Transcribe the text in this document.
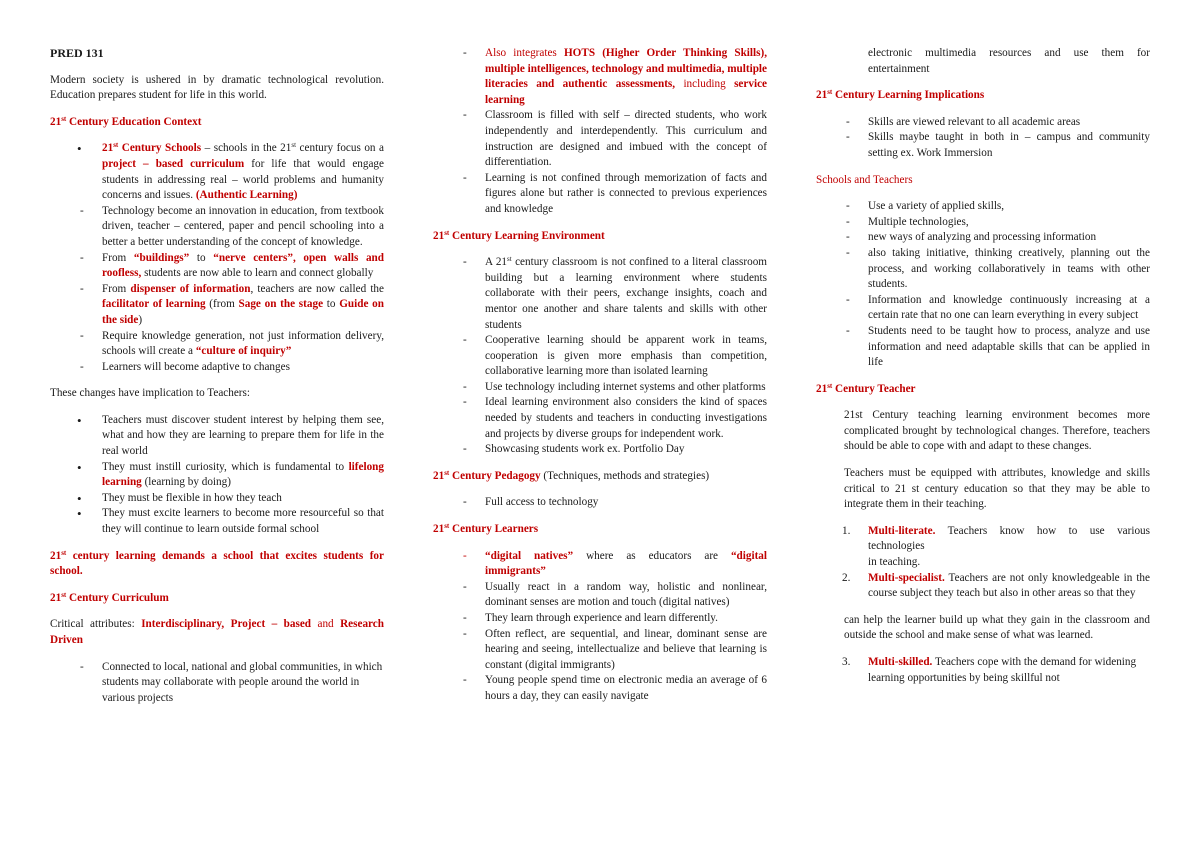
PRED 131

Modern society is ushered in by dramatic technological revolution. Education prepares student for life in this world.

21st Century Education Context

• 21st Century Schools – schools in the 21st century focus on a project – based curriculum for life that would engage students in addressing real – world problems and humanity concerns and issues. (Authentic Learning)
- Technology become an innovation in education, from textbook driven, teacher – centered, paper and pencil schooling into a better a better understanding of the concept of knowledge.
- From “buildings” to “nerve centers”, open walls and roofless, students are now able to learn and connect globally
- From dispenser of information, teachers are now called the facilitator of learning (from Sage on the stage to Guide on the side)
- Require knowledge generation, not just information delivery, schools will create a “culture of inquiry”
- Learners will become adaptive to changes

These changes have implication to Teachers:

• Teachers must discover student interest by helping them see, what and how they are learning to prepare them for life in the real world
• They must instill curiosity, which is fundamental to lifelong learning (learning by doing)
• They must be flexible in how they teach
• They must excite learners to become more resourceful so that they will continue to learn outside formal school

21st century learning demands a school that excites students for school.

21st Century Curriculum

Critical attributes: Interdisciplinary, Project – based and Research Driven

- Connected to local, national and global communities, in which students may collaborate with people around the world in various projects
- Also integrates HOTS (Higher Order Thinking Skills), multiple intelligences, technology and multimedia, multiple literacies and authentic assessments, including service learning
- Classroom is filled with self – directed students, who work independently and interdependently. This curriculum and instruction are designed and imbued with the concept of differentiation.
- Learning is not confined through memorization of facts and figures alone but rather is connected to previous experiences and knowledge

21st Century Learning Environment

- A 21st century classroom is not confined to a literal classroom building but a learning environment where students collaborate with their peers, exchange insights, coach and mentor one another and share talents and skills with other students
- Cooperative learning should be apparent work in teams, cooperation is given more emphasis than competition, collaborative learning more than isolated learning
- Use technology including internet systems and other platforms
- Ideal learning environment also considers the kind of spaces needed by students and teachers in conducting investigations and projects by diverse groups for independent work.
- Showcasing students work ex. Portfolio Day

21st Century Pedagogy (Techniques, methods and strategies)

- Full access to technology

21st Century Learners

- “digital natives” where as educators are “digital immigrants”
- Usually react in a random way, holistic and nonlinear, dominant senses are motion and touch (digital natives)
- They learn through experience and learn differently.
- Often reflect, are sequential, and linear, dominant sense are hearing and seeing, intellectualize and believe that learning is constant (digital immigrants)
- Young people spend time on electronic media an average of 6 hours a day, they can easily navigate

electronic multimedia resources and use them for entertainment

21st Century Learning Implications

- Skills are viewed relevant to all academic areas
- Skills maybe taught in both in – campus and community setting ex. Work Immersion

Schools and Teachers

- Use a variety of applied skills,
- Multiple technologies,
- new ways of analyzing and processing information
- also taking initiative, thinking creatively, planning out the process, and working collaboratively in teams with other students.
- Information and knowledge continuously increasing at a certain rate that no one can learn everything in every subject
- Students need to be taught how to process, analyze and use information and need adaptable skills that can be applied in life

21st Century Teacher

21st Century teaching learning environment becomes more complicated brought by technological changes. Therefore, teachers should be able to cope with and adapt to these changes.

Teachers must be equipped with attributes, knowledge and skills critical to 21 st century education so that they may be able to integrate them in their teaching.

1. Multi-literate. Teachers know how to use various technologies
in teaching.
2. Multi-specialist. Teachers are not only knowledgeable in the course subject they teach but also in other areas so that they

can help the learner build up what they gain in the classroom and outside the school and make sense of what was learned.

3. Multi-skilled. Teachers cope with the demand for widening learning opportunities by being skillful not
